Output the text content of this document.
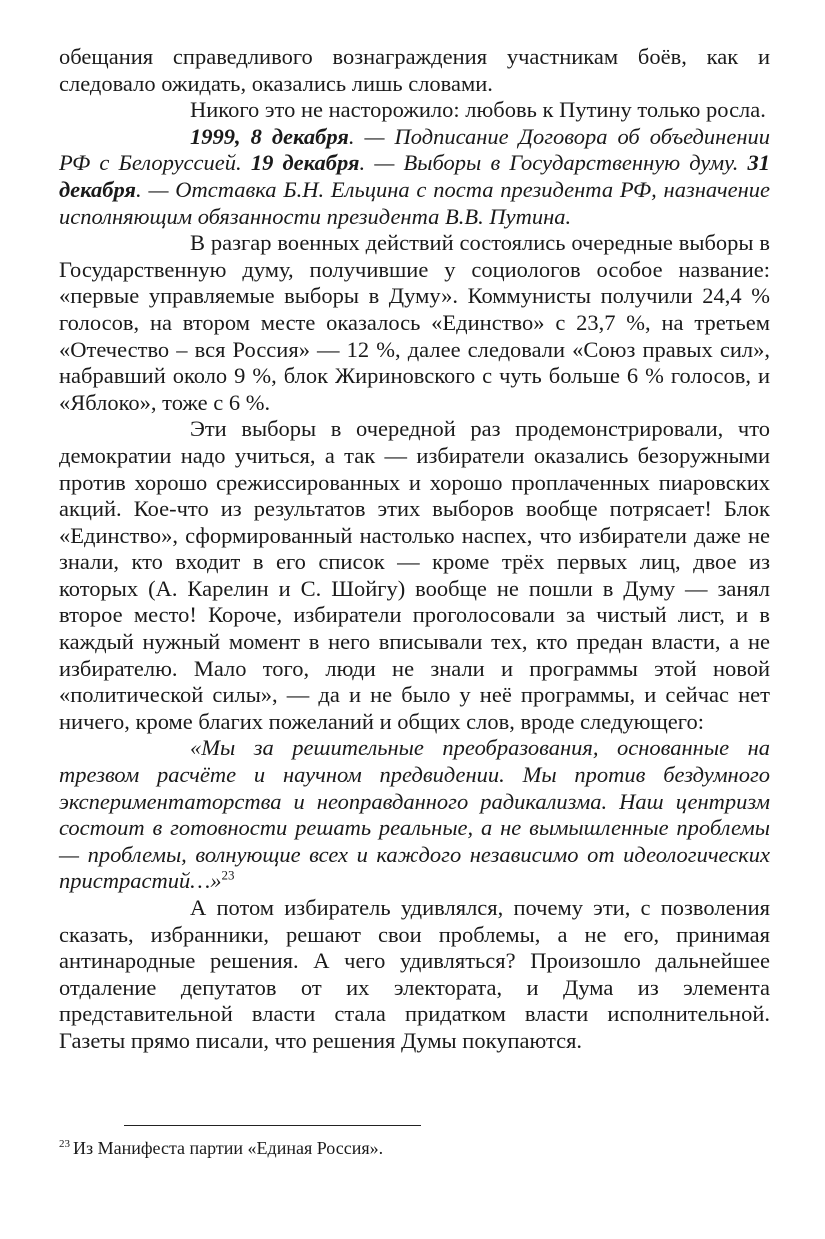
обещания справедливого вознаграждения участникам боёв, как и следовало ожидать, оказались лишь словами.

Никого это не насторожило: любовь к Путину только росла.

1999, 8 декабря. — Подписание Договора об объединении РФ с Белоруссией. 19 декабря. — Выборы в Государственную думу. 31 декабря. — Отставка Б.Н. Ельцина с поста президента РФ, назначение исполняющим обязанности президента В.В. Путина.

В разгар военных действий состоялись очередные выборы в Государственную думу, получившие у социологов особое название: «первые управляемые выборы в Думу». Коммунисты получили 24,4 % голосов, на втором месте оказалось «Единство» с 23,7 %, на третьем «Отечество – вся Россия» — 12 %, далее следовали «Союз правых сил», набравший около 9 %, блок Жириновского с чуть больше 6 % голосов, и «Яблоко», тоже с 6 %.

Эти выборы в очередной раз продемонстрировали, что демократии надо учиться, а так — избиратели оказались безоружными против хорошо срежиссированных и хорошо проплаченных пиаровских акций. Кое-что из результатов этих выборов вообще потрясает! Блок «Единство», сформированный настолько наспех, что избиратели даже не знали, кто входит в его список — кроме трёх первых лиц, двое из которых (А. Карелин и С. Шойгу) вообще не пошли в Думу — занял второе место! Короче, избиратели проголосовали за чистый лист, и в каждый нужный момент в него вписывали тех, кто предан власти, а не избирателю. Мало того, люди не знали и программы этой новой «политической силы», — да и не было у неё программы, и сейчас нет ничего, кроме благих пожеланий и общих слов, вроде следующего:

«Мы за решительные преобразования, основанные на трезвом расчёте и научном предвидении. Мы против бездумного экспериментаторства и неоправданного радикализма. Наш центризм состоит в готовности решать реальные, а не вымышленные проблемы — проблемы, волнующие всех и каждого независимо от идеологических пристрастий…»$^{23}$

А потом избиратель удивлялся, почему эти, с позволения сказать, избранники, решают свои проблемы, а не его, принимая антинародные решения. А чего удивляться? Произошло дальнейшее отдаление депутатов от их электората, и Дума из элемента представительной власти стала придатком власти исполнительной. Газеты прямо писали, что решения Думы покупаются.

$^{23}$ Из Манифеста партии «Единая Россия».
